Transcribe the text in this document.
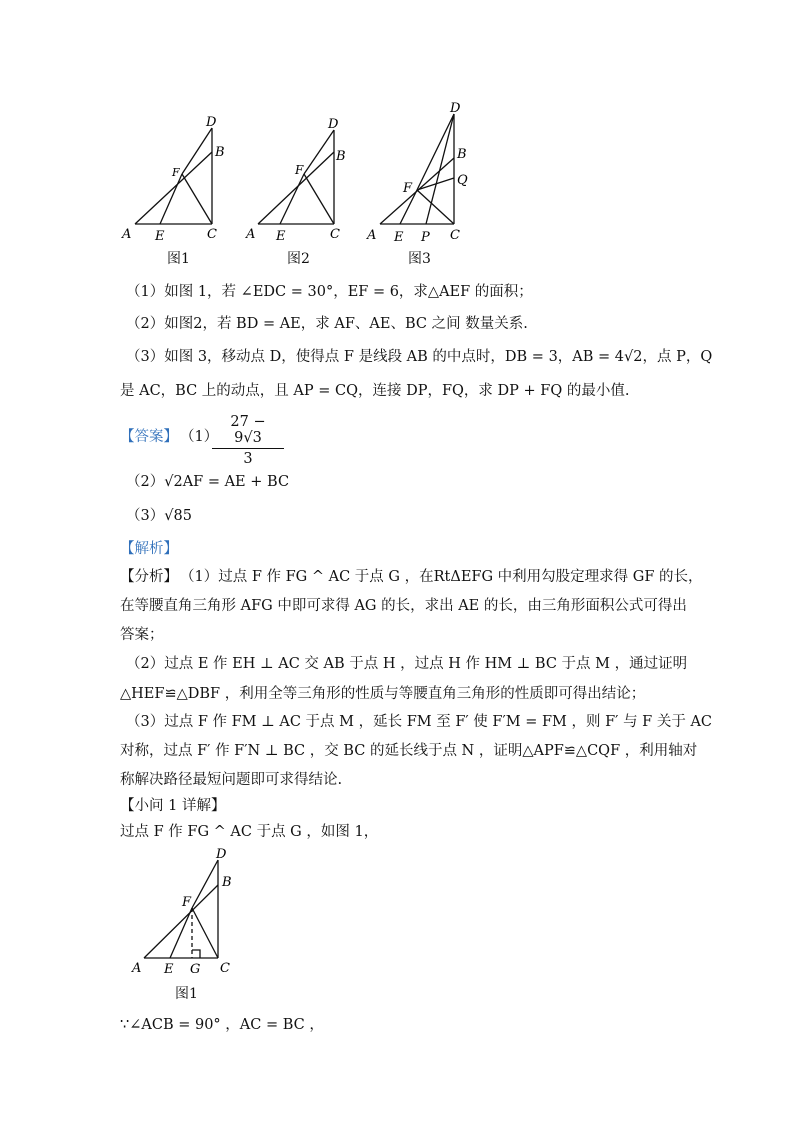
D
B
F
A E	C
图1
D
B
F
A E	C
图2
D
B
Q
F
A E P C
图3
（1）如图 1，若 ∠EDC = 30°，EF = 6，求△AEF 的面积；
（2）如图2，若 BD = AE，求 AF、AE、BC 之间 数量关系.
（3）如图 3，移动点 D，使得点 F 是线段 AB 的中点时，DB = 3，AB = 4√2，点 P，Q
是 AC，BC 上的动点，且 AP = CQ，连接 DP，FQ，求 DP + FQ 的最小值.
【答案】 （1）
$\frac{27 - 9√3}{3}$
（2）√2AF = AE + BC
（3）√85
【解析】
【分析】 （1）过点 F 作 FG ^ AC 于点 G ，在RtΔEFG 中利用勾股定理求得 GF 的长，
在等腰直角三角形 AFG 中即可求得 AG 的长，求出 AE 的长，由三角形面积公式可得出
答案；
（2）过点 E 作 EH ⊥ AC 交 AB 于点 H ，过点 H 作 HM ⊥ BC 于点 M ，通过证明
△HEF≌△DBF ，利用全等三角形的性质与等腰直角三角形的性质即可得出结论；
（3）过点 F 作 FM ⊥ AC 于点 M ，延长 FM 至 F′ 使 F′M = FM ，则 F′ 与 F 关于 AC
对称，过点 F′ 作 F′N ⊥ BC ，交 BC 的延长线于点 N ，证明△APF≌△CQF ，利用轴对
称解决路径最短问题即可求得结论.
【小问 1 详解】
过点 F 作 FG ^ AC 于点 G ，如图 1，
D
B
F
A E G C
图1
∵∠ACB = 90° ，AC = BC ，
